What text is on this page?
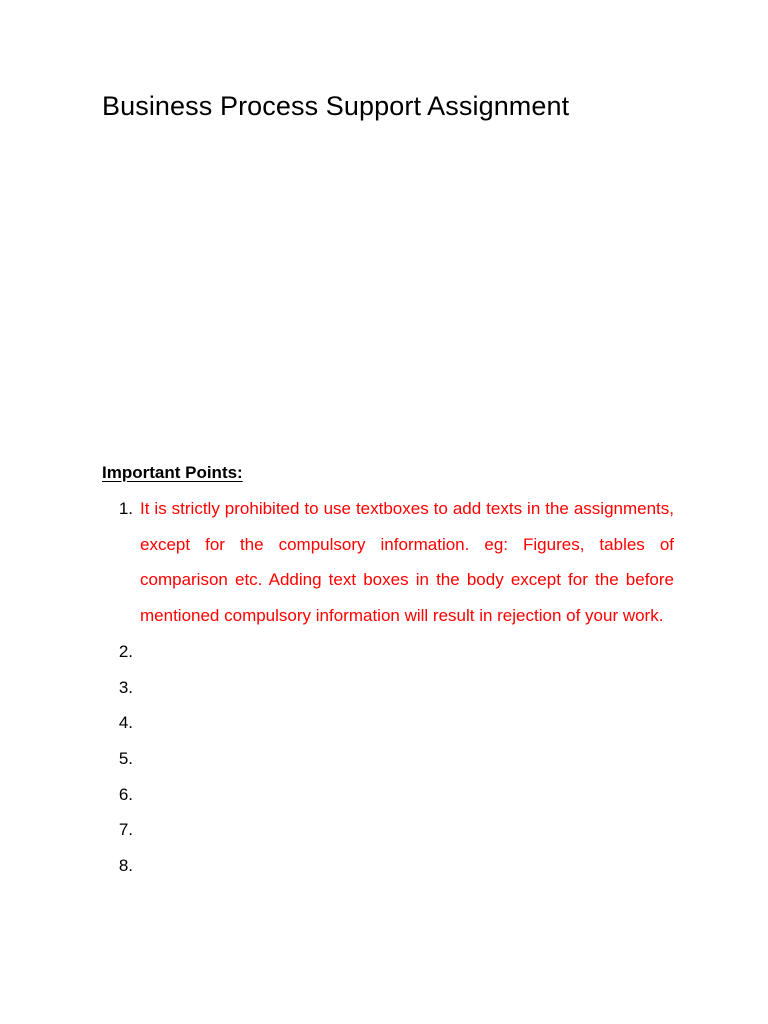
Business Process Support Assignment
Important Points:
1. It is strictly prohibited to use textboxes to add texts in the assignments, except for the compulsory information. eg: Figures, tables of comparison etc. Adding text boxes in the body except for the before mentioned compulsory information will result in rejection of your work.
2.
3.
4.
5.
6.
7.
8.
